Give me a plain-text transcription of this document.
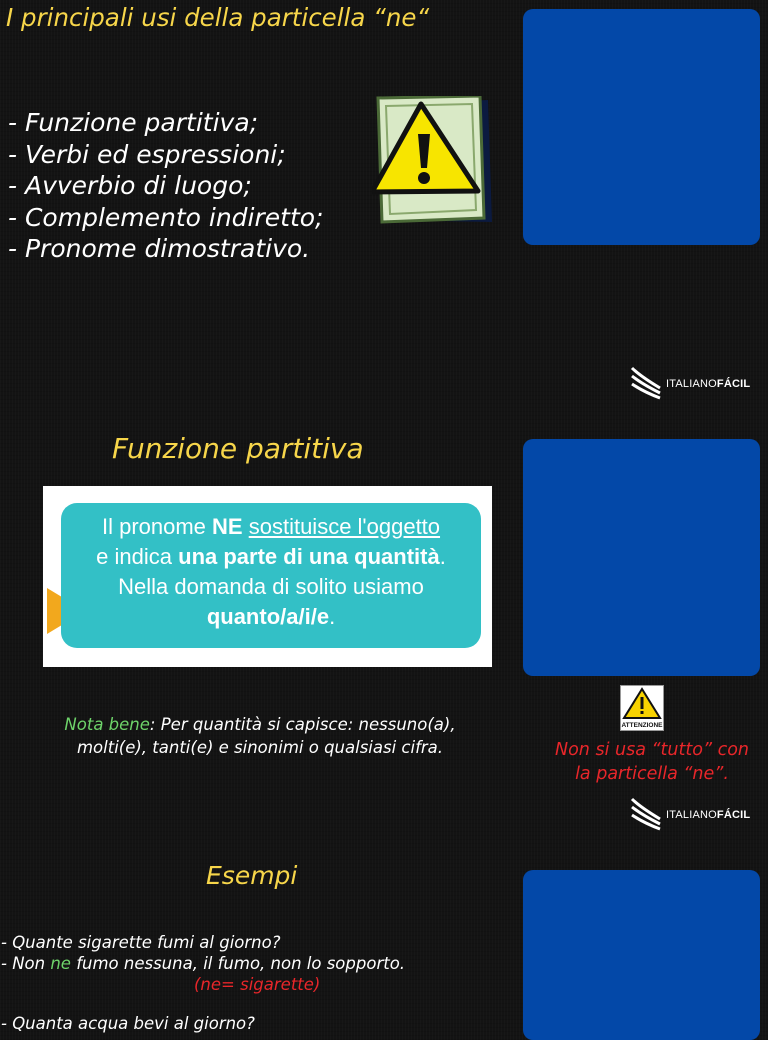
I principali usi della particella “ne“
- Funzione partitiva;
- Verbi ed espressioni;
- Avverbio di luogo;
- Complemento indiretto;
- Pronome dimostrativo.
ITALIANOFÁCIL
Funzione partitiva
Il pronome NE sostituisce l'oggetto
e indica una parte di una quantità.
Nella domanda di solito usiamo
quanto/a/i/e.
Nota bene: Per quantità si capisce: nessuno(a),
molti(e), tanti(e) e sinonimi o qualsiasi cifra.
ATTENZIONE
Non si usa “tutto” con
la particella “ne”.
ITALIANOFÁCIL
Esempi
- Quante sigarette fumi al giorno?
- Non ne fumo nessuna, il fumo, non lo sopporto.
(ne= sigarette)
- Quanta acqua bevi al giorno?
